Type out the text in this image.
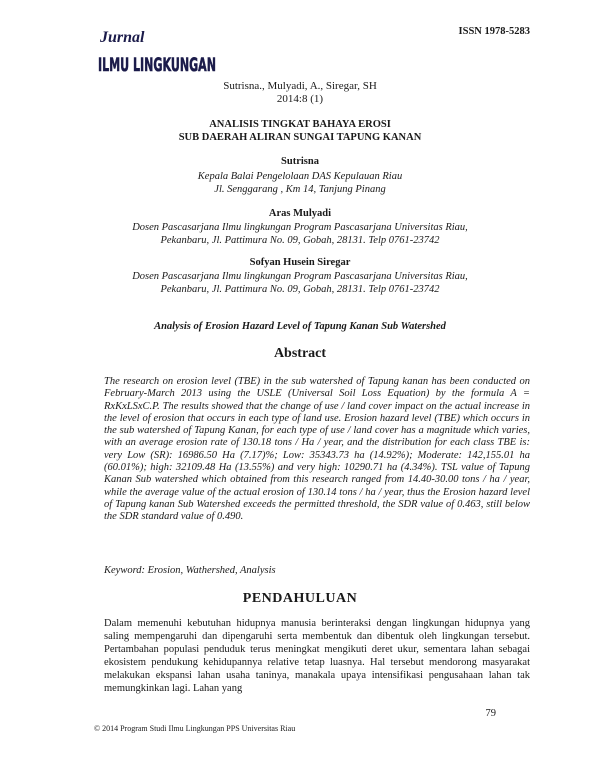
Jurnal
ILMU LINGKUNGAN
ISSN 1978-5283
Sutrisna., Mulyadi, A., Siregar, SH
2014:8 (1)
ANALISIS TINGKAT BAHAYA EROSI
SUB DAERAH ALIRAN SUNGAI TAPUNG KANAN
Sutrisna
Kepala Balai Pengelolaan DAS Kepulauan Riau
Jl. Senggarang , Km 14, Tanjung Pinang
Aras Mulyadi
Dosen Pascasarjana Ilmu lingkungan Program Pascasarjana Universitas Riau,
Pekanbaru, Jl. Pattimura No. 09, Gobah, 28131. Telp 0761-23742
Sofyan Husein Siregar
Dosen Pascasarjana Ilmu lingkungan Program Pascasarjana Universitas Riau,
Pekanbaru, Jl. Pattimura No. 09, Gobah, 28131. Telp 0761-23742
Analysis of Erosion Hazard Level of Tapung Kanan Sub Watershed
Abstract

The research on erosion level (TBE) in the sub watershed of Tapung kanan has been conducted on February-March 2013 using the USLE (Universal Soil Loss Equation) by the formula A = RxKxLSxC.P. The results showed that the change of use / land cover impact on the actual increase in the level of erosion that occurs in each type of land use. Erosion hazard level (TBE) which occurs in the sub watershed of Tapung Kanan, for each type of use / land cover has a magnitude which varies, with an average erosion rate of 130.18 tons / Ha / year, and the distribution for each class TBE is: very Low (SR): 16986.50 Ha (7.17)%; Low: 35343.73 ha (14.92%); Moderate: 142,155.01 ha (60.01%); high: 32109.48 Ha (13.55%) and very high: 10290.71 ha (4.34%). TSL value of Tapung Kanan Sub watershed which obtained from this research ranged from 14.40-30.00 tons / ha / year, while the average value of the actual erosion of 130.14 tons / ha / year, thus the Erosion hazard level of Tapung kanan Sub Watershed exceeds the permitted threshold, the SDR value of 0.463, still below the SDR standard value of 0.490.

Keyword: Erosion, Wathershed, Analysis
PENDAHULUAN

Dalam memenuhi kebutuhan hidupnya manusia berinteraksi dengan lingkungan hidupnya yang saling mempengaruhi dan dipengaruhi serta membentuk dan dibentuk oleh lingkungan tersebut. Pertambahan populasi penduduk terus meningkat mengikuti deret ukur, sementara lahan sebagai ekosistem pendukung kehidupannya relative tetap luasnya. Hal tersebut mendorong masyarakat melakukan ekspansi lahan usaha taninya, manakala upaya intensifikasi pengusahaan lahan tak memungkinkan lagi. Lahan yang

79
© 2014 Program Studi Ilmu Lingkungan PPS Universitas Riau
